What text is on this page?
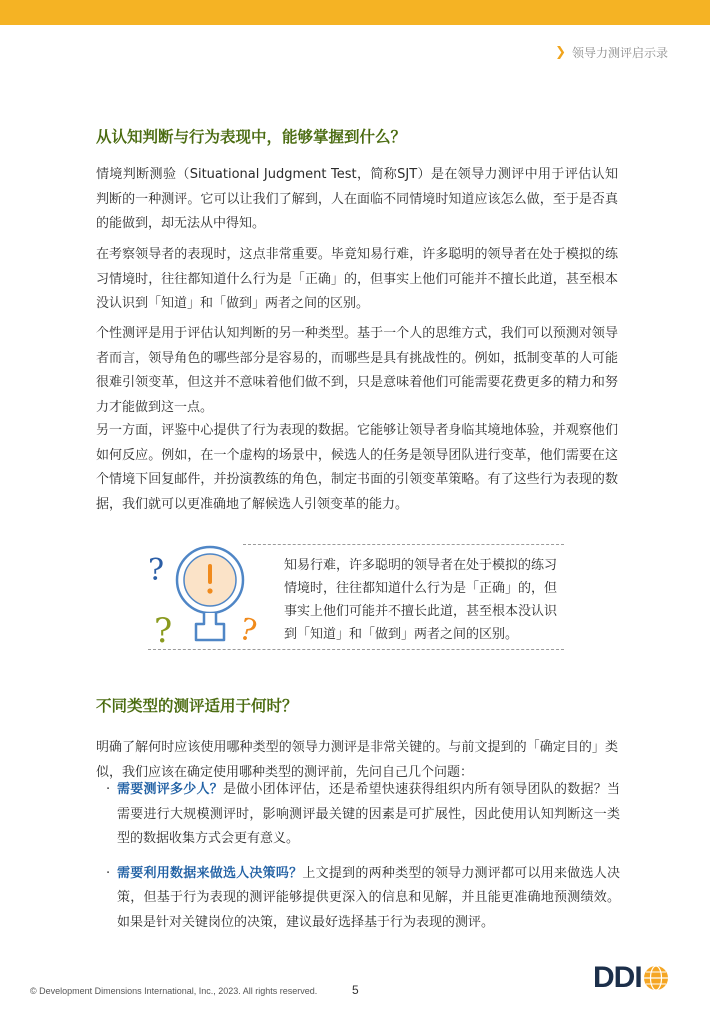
❯ 领导力测评启示录
从认知判断与行为表现中，能够掌握到什么？

情境判断测验（Situational Judgment Test，简称SJT）是在领导力测评中用于评估认知判断的一种测评。它可以让我们了解到，人在面临不同情境时知道应该怎么做，至于是否真的能做到，却无法从中得知。

在考察领导者的表现时，这点非常重要。毕竟知易行难，许多聪明的领导者在处于模拟的练习情境时，往往都知道什么行为是「正确」的，但事实上他们可能并不擅长此道，甚至根本没认识到「知道」和「做到」两者之间的区别。

个性测评是用于评估认知判断的另一种类型。基于一个人的思维方式，我们可以预测对领导者而言，领导角色的哪些部分是容易的，而哪些是具有挑战性的。例如，抵制变革的人可能很难引领变革，但这并不意味着他们做不到，只是意味着他们可能需要花费更多的精力和努力才能做到这一点。

另一方面，评鉴中心提供了行为表现的数据。它能够让领导者身临其境地体验，并观察他们如何反应。例如，在一个虚构的场景中，候选人的任务是领导团队进行变革，他们需要在这个情境下回复邮件，并扮演教练的角色，制定书面的引领变革策略。有了这些行为表现的数据，我们就可以更准确地了解候选人引领变革的能力。

?
? ?

知易行难，许多聪明的领导者在处于模拟的练习情境时，往往都知道什么行为是「正确」的，但事实上他们可能并不擅长此道，甚至根本没认识到「知道」和「做到」两者之间的区别。

不同类型的测评适用于何时？

明确了解何时应该使用哪种类型的领导力测评是非常关键的。与前文提到的「确定目的」类似，我们应该在确定使用哪种类型的测评前，先问自己几个问题：

· 需要测评多少人？是做小团体评估，还是希望快速获得组织内所有领导团队的数据？当需要进行大规模测评时，影响测评最关键的因素是可扩展性，因此使用认知判断这一类型的数据收集方式会更有意义。
· 需要利用数据来做选人决策吗？上文提到的两种类型的领导力测评都可以用来做选人决策，但基于行为表现的测评能够提供更深入的信息和见解，并且能更准确地预测绩效。如果是针对关键岗位的决策，建议最好选择基于行为表现的测评。
© Development Dimensions International, Inc., 2023. All rights reserved.	5	DDI
